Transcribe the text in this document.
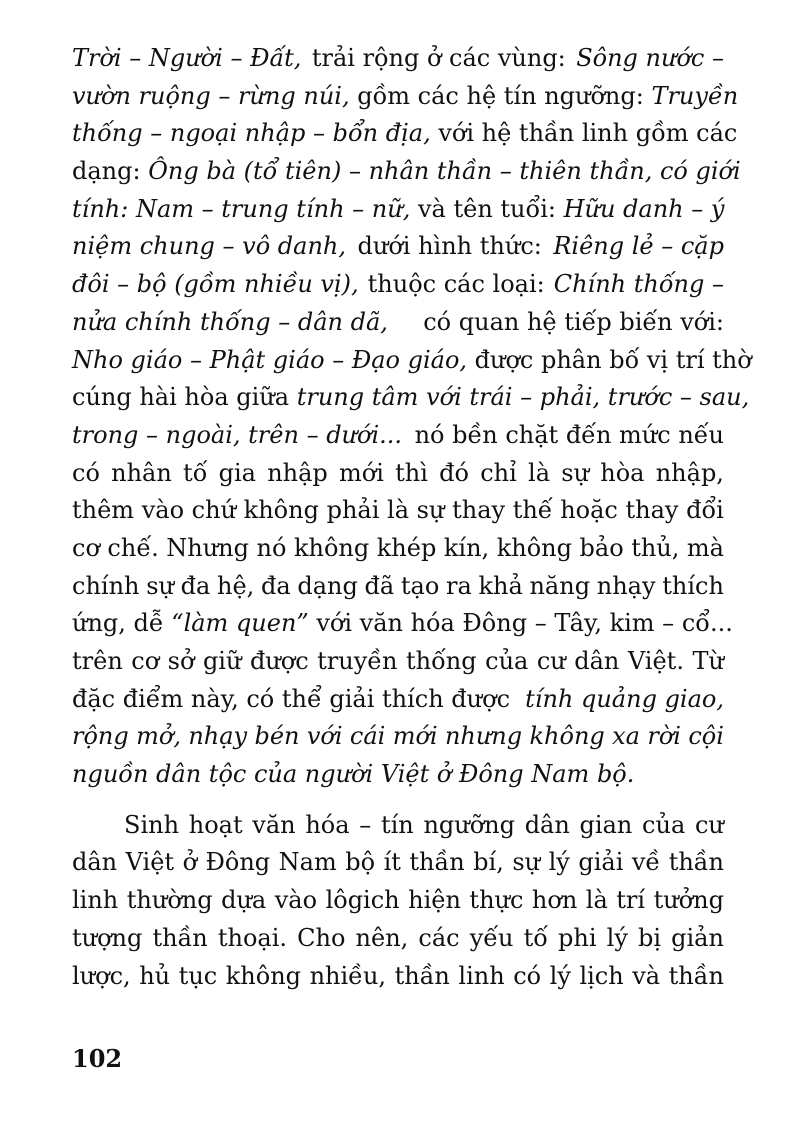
Trời – Người – Đất, trải rộng ở các vùng: Sông nước –
vườn ruộng – rừng núi, gồm các hệ tín ngưỡng: Truyền
thống – ngoại nhập – bổn địa, với hệ thần linh gồm các
dạng: Ông bà (tổ tiên) – nhân thần – thiên thần, có giới
tính: Nam – trung tính – nữ, và tên tuổi: Hữu danh – ý
niệm chung – vô danh, dưới hình thức: Riêng lẻ – cặp
đôi – bộ (gồm nhiều vị), thuộc các loại: Chính thống –
nửa chính thống – dân dã, có quan hệ tiếp biến với:
Nho giáo – Phật giáo – Đạo giáo, được phân bố vị trí thờ
cúng hài hòa giữa trung tâm với trái – phải, trước – sau,
trong – ngoài, trên – dưới... nó bền chặt đến mức nếu
có nhân tố gia nhập mới thì đó chỉ là sự hòa nhập,
thêm vào chứ không phải là sự thay thế hoặc thay đổi
cơ chế. Nhưng nó không khép kín, không bảo thủ, mà
chính sự đa hệ, đa dạng đã tạo ra khả năng nhạy thích
ứng, dễ “làm quen” với văn hóa Đông – Tây, kim – cổ...
trên cơ sở giữ được truyền thống của cư dân Việt. Từ
đặc điểm này, có thể giải thích được tính quảng giao,
rộng mở, nhạy bén với cái mới nhưng không xa rời cội
nguồn dân tộc của người Việt ở Đông Nam bộ.
Sinh hoạt văn hóa – tín ngưỡng dân gian của cư
dân Việt ở Đông Nam bộ ít thần bí, sự lý giải về thần
linh thường dựa vào lôgich hiện thực hơn là trí tưởng
tượng thần thoại. Cho nên, các yếu tố phi lý bị giản
lược, hủ tục không nhiều, thần linh có lý lịch và thần
102
